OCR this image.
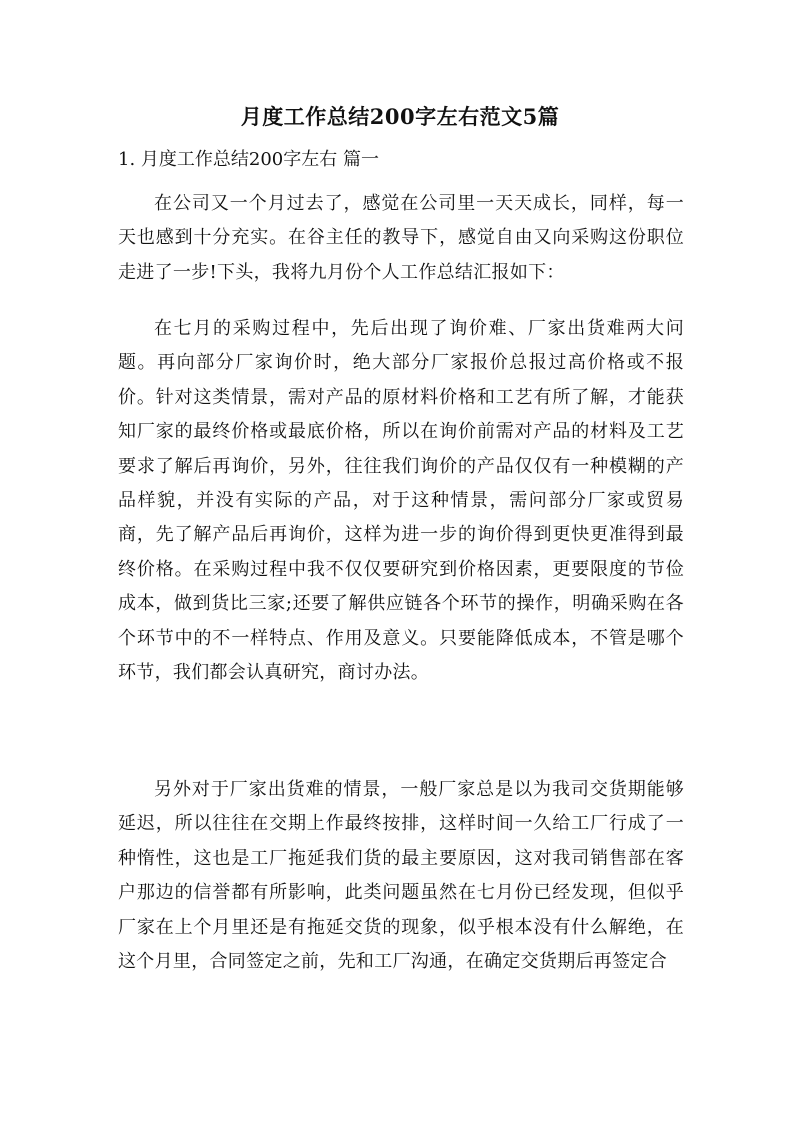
月度工作总结200字左右范文5篇

1. 月度工作总结200字左右 篇一

在公司又一个月过去了，感觉在公司里一天天成长，同样，每一天也感到十分充实。在谷主任的教导下，感觉自由又向采购这份职位走进了一步!下头，我将九月份个人工作总结汇报如下：

在七月的采购过程中，先后出现了询价难、厂家出货难两大问题。再向部分厂家询价时，绝大部分厂家报价总报过高价格或不报价。针对这类情景，需对产品的原材料价格和工艺有所了解，才能获知厂家的最终价格或最底价格，所以在询价前需对产品的材料及工艺要求了解后再询价，另外，往往我们询价的产品仅仅有一种模糊的产品样貌，并没有实际的产品，对于这种情景，需问部分厂家或贸易商，先了解产品后再询价，这样为进一步的询价得到更快更准得到最终价格。在采购过程中我不仅仅要研究到价格因素，更要限度的节俭成本，做到货比三家;还要了解供应链各个环节的操作，明确采购在各个环节中的不一样特点、作用及意义。只要能降低成本，不管是哪个环节，我们都会认真研究，商讨办法。

另外对于厂家出货难的情景，一般厂家总是以为我司交货期能够延迟，所以往往在交期上作最终按排，这样时间一久给工厂行成了一种惰性，这也是工厂拖延我们货的最主要原因，这对我司销售部在客户那边的信誉都有所影响，此类问题虽然在七月份已经发现，但似乎厂家在上个月里还是有拖延交货的现象，似乎根本没有什么解绝，在这个月里，合同签定之前，先和工厂沟通，在确定交货期后再签定合
